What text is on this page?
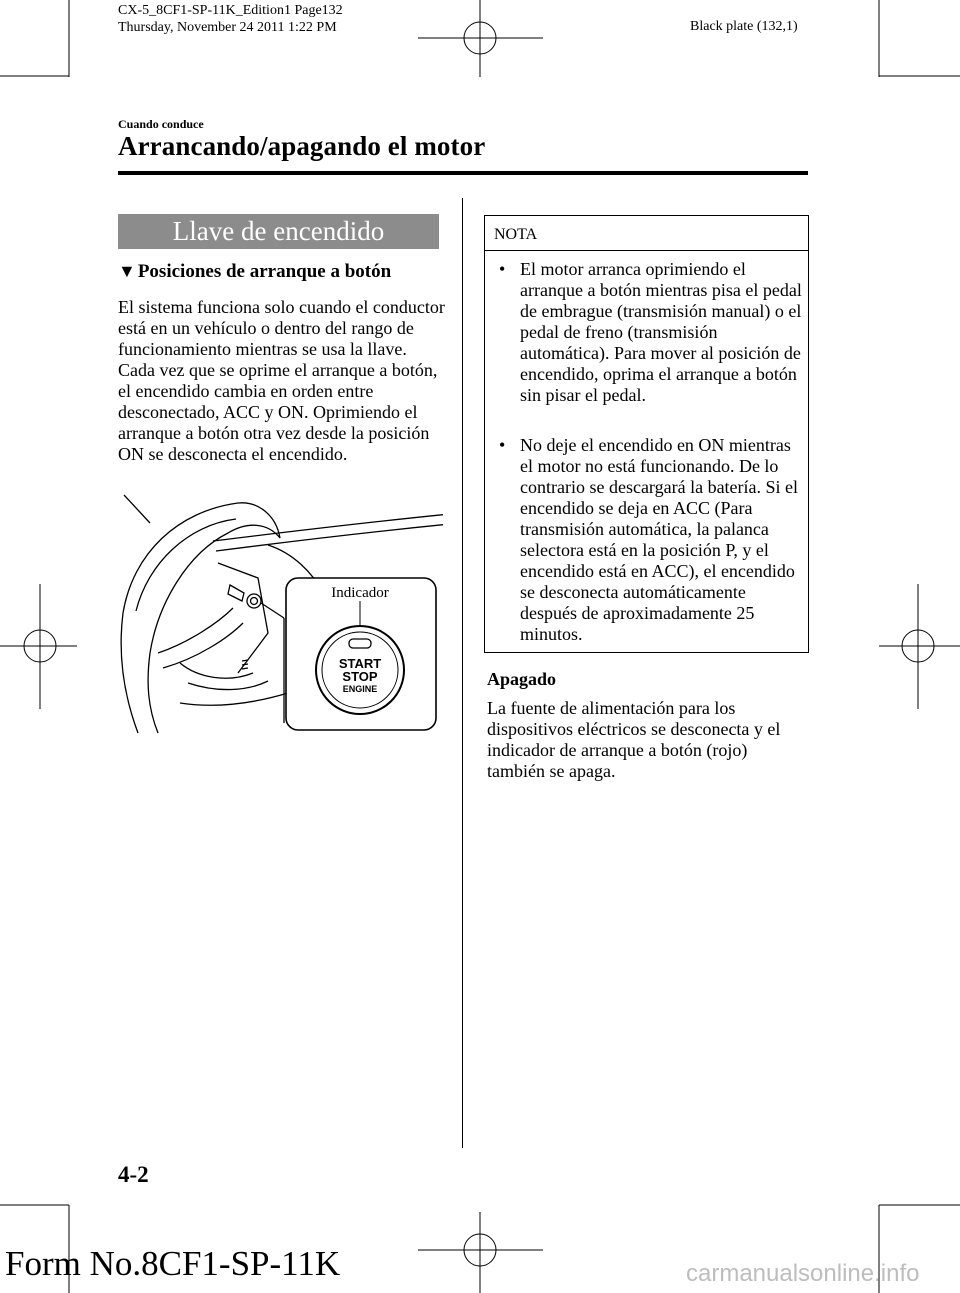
CX-5_8CF1-SP-11K_Edition1 Page132
Thursday, November 24 2011 1:22 PM	Black plate (132,1)
Cuando conduce
Arrancando/apagando el motor
Llave de encendido
▼ Posiciones de arranque a botón
El sistema funciona solo cuando el conductor está en un vehículo o dentro del rango de funcionamiento mientras se usa la llave.
Cada vez que se oprime el arranque a botón, el encendido cambia en orden entre desconectado, ACC y ON. Oprimiendo el arranque a botón otra vez desde la posición ON se desconecta el encendido.
Indicador
START
STOP
ENGINE
NOTA
• El motor arranca oprimiendo el arranque a botón mientras pisa el pedal de embrague (transmisión manual) o el pedal de freno (transmisión automática). Para mover al posición de encendido, oprima el arranque a botón sin pisar el pedal.
• No deje el encendido en ON mientras el motor no está funcionando. De lo contrario se descargará la batería. Si el encendido se deja en ACC (Para transmisión automática, la palanca selectora está en la posición P, y el encendido está en ACC), el encendido se desconecta automáticamente después de aproximadamente 25 minutos.
Apagado
La fuente de alimentación para los dispositivos eléctricos se desconecta y el indicador de arranque a botón (rojo) también se apaga.
4-2
Form No.8CF1-SP-11K	carmanualsonline.info
